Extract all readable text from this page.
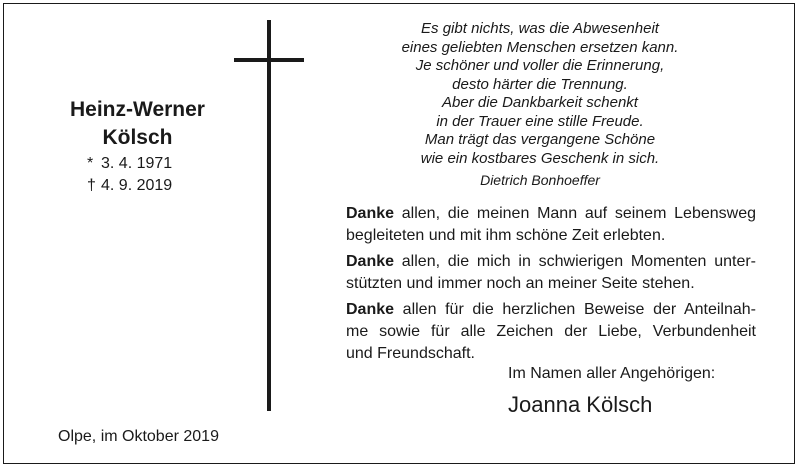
Heinz-Werner
Kölsch
* 3. 4. 1971
† 4. 9. 2019
Olpe, im Oktober 2019
Es gibt nichts, was die Abwesenheit
eines geliebten Menschen ersetzen kann.
Je schöner und voller die Erinnerung,
desto härter die Trennung.
Aber die Dankbarkeit schenkt
in der Trauer eine stille Freude.
Man trägt das vergangene Schöne
wie ein kostbares Geschenk in sich.
Dietrich Bonhoeffer

Danke allen, die meinen Mann auf seinem Lebensweg
begleiteten und mit ihm schöne Zeit erlebten.

Danke allen, die mich in schwierigen Momenten unter-
stützten und immer noch an meiner Seite stehen.

Danke allen für die herzlichen Beweise der Anteilnah-
me sowie für alle Zeichen der Liebe, Verbundenheit
und Freundschaft.

Im Namen aller Angehörigen:
Joanna Kölsch
